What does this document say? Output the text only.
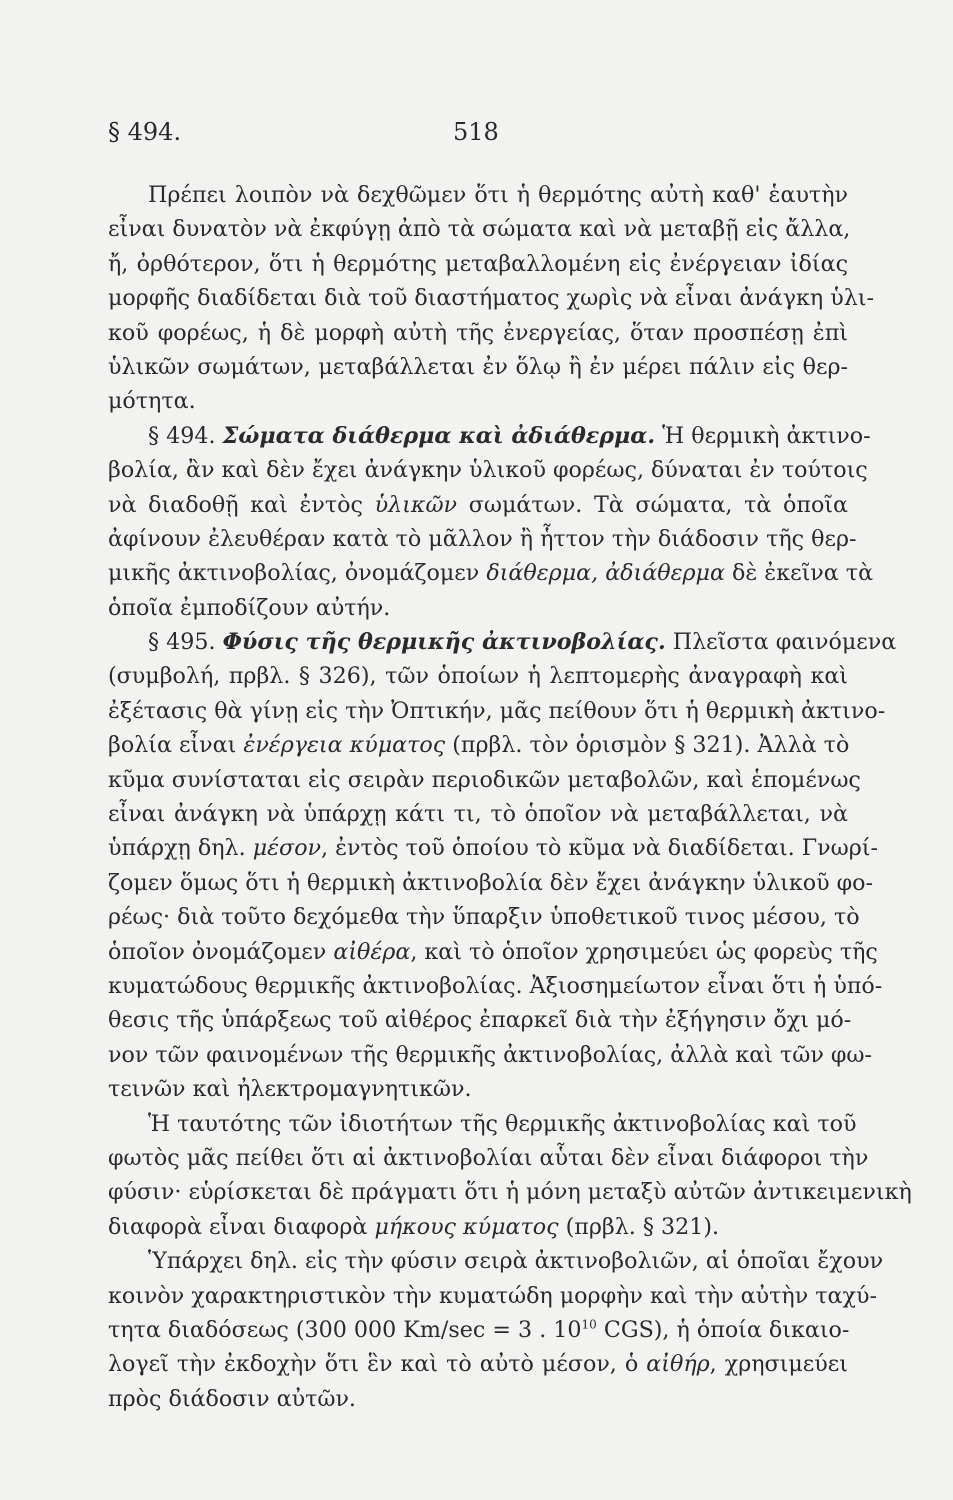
§ 494.	518
Πρέπει λοιπὸν νὰ δεχθῶμεν ὅτι ἡ θερμότης αὐτὴ καθ' ἑαυτὴν
εἶναι δυνατὸν νὰ ἐκφύγῃ ἀπὸ τὰ σώματα καὶ νὰ μεταβῇ εἰς ἄλλα,
ἤ, ὀρθότερον, ὅτι ἡ θερμότης μεταβαλλομένη εἰς ἐνέργειαν ἰδίας
μορφῆς διαδίδεται διὰ τοῦ διαστήματος χωρὶς νὰ εἶναι ἀνάγκη ὑλι-
κοῦ φορέως, ἡ δὲ μορφὴ αὐτὴ τῆς ἐνεργείας, ὅταν προσπέσῃ ἐπὶ
ὑλικῶν σωμάτων, μεταβάλλεται ἐν ὅλῳ ἢ ἐν μέρει πάλιν εἰς θερ-
μότητα.
§ 494. Σώματα διάθερμα καὶ ἀδιάθερμα. Ἡ θερμικὴ ἀκτινο-
βολία, ἂν καὶ δὲν ἔχει ἀνάγκην ὑλικοῦ φορέως, δύναται ἐν τούτοις
νὰ διαδοθῇ καὶ ἐντὸς ὑλικῶν σωμάτων. Τὰ σώματα, τὰ ὁποῖα
ἀφίνουν ἐλευθέραν κατὰ τὸ μᾶλλον ἢ ἧττον τὴν διάδοσιν τῆς θερ-
μικῆς ἀκτινοβολίας, ὀνομάζομεν διάθερμα, ἀδιάθερμα δὲ ἐκεῖνα τὰ
ὁποῖα ἐμποδίζουν αὐτήν.
§ 495. Φύσις τῆς θερμικῆς ἀκτινοβολίας. Πλεῖστα φαινόμενα
(συμβολή, πρβλ. § 326), τῶν ὁποίων ἡ λεπτομερὴς ἀναγραφὴ καὶ
ἐξέτασις θὰ γίνῃ εἰς τὴν Ὀπτικήν, μᾶς πείθουν ὅτι ἡ θερμικὴ ἀκτινο-
βολία εἶναι ἐνέργεια κύματος (πρβλ. τὸν ὁρισμὸν § 321). Ἀλλὰ τὸ
κῦμα συνίσταται εἰς σειρὰν περιοδικῶν μεταβολῶν, καὶ ἑπομένως
εἶναι ἀνάγκη νὰ ὑπάρχῃ κάτι τι, τὸ ὁποῖον νὰ μεταβάλλεται, νὰ
ὑπάρχῃ δηλ. μέσον, ἐντὸς τοῦ ὁποίου τὸ κῦμα νὰ διαδίδεται. Γνωρί-
ζομεν ὅμως ὅτι ἡ θερμικὴ ἀκτινοβολία δὲν ἔχει ἀνάγκην ὑλικοῦ φο-
ρέως· διὰ τοῦτο δεχόμεθα τὴν ὕπαρξιν ὑποθετικοῦ τινος μέσου, τὸ
ὁποῖον ὀνομάζομεν αἰθέρα, καὶ τὸ ὁποῖον χρησιμεύει ὡς φορεὺς τῆς
κυματώδους θερμικῆς ἀκτινοβολίας. Ἀξιοσημείωτον εἶναι ὅτι ἡ ὑπό-
θεσις τῆς ὑπάρξεως τοῦ αἰθέρος ἐπαρκεῖ διὰ τὴν ἐξήγησιν ὄχι μό-
νον τῶν φαινομένων τῆς θερμικῆς ἀκτινοβολίας, ἀλλὰ καὶ τῶν φω-
τεινῶν καὶ ἠλεκτρομαγνητικῶν.
Ἡ ταυτότης τῶν ἰδιοτήτων τῆς θερμικῆς ἀκτινοβολίας καὶ τοῦ
φωτὸς μᾶς πείθει ὅτι αἱ ἀκτινοβολίαι αὗται δὲν εἶναι διάφοροι τὴν
φύσιν· εὑρίσκεται δὲ πράγματι ὅτι ἡ μόνη μεταξὺ αὐτῶν ἀντικειμενικὴ
διαφορὰ εἶναι διαφορὰ μήκους κύματος (πρβλ. § 321).
Ὑπάρχει δηλ. εἰς τὴν φύσιν σειρὰ ἀκτινοβολιῶν, αἱ ὁποῖαι ἔχουν
κοινὸν χαρακτηριστικὸν τὴν κυματώδη μορφὴν καὶ τὴν αὐτὴν ταχύ-
τητα διαδόσεως (300 000 Km/sec = 3 . $10^{10}$ CGS), ἡ ὁποία δικαιο-
λογεῖ τὴν ἐκδοχὴν ὅτι ἓν καὶ τὸ αὐτὸ μέσον, ὁ αἰθήρ, χρησιμεύει
πρὸς διάδοσιν αὐτῶν.
